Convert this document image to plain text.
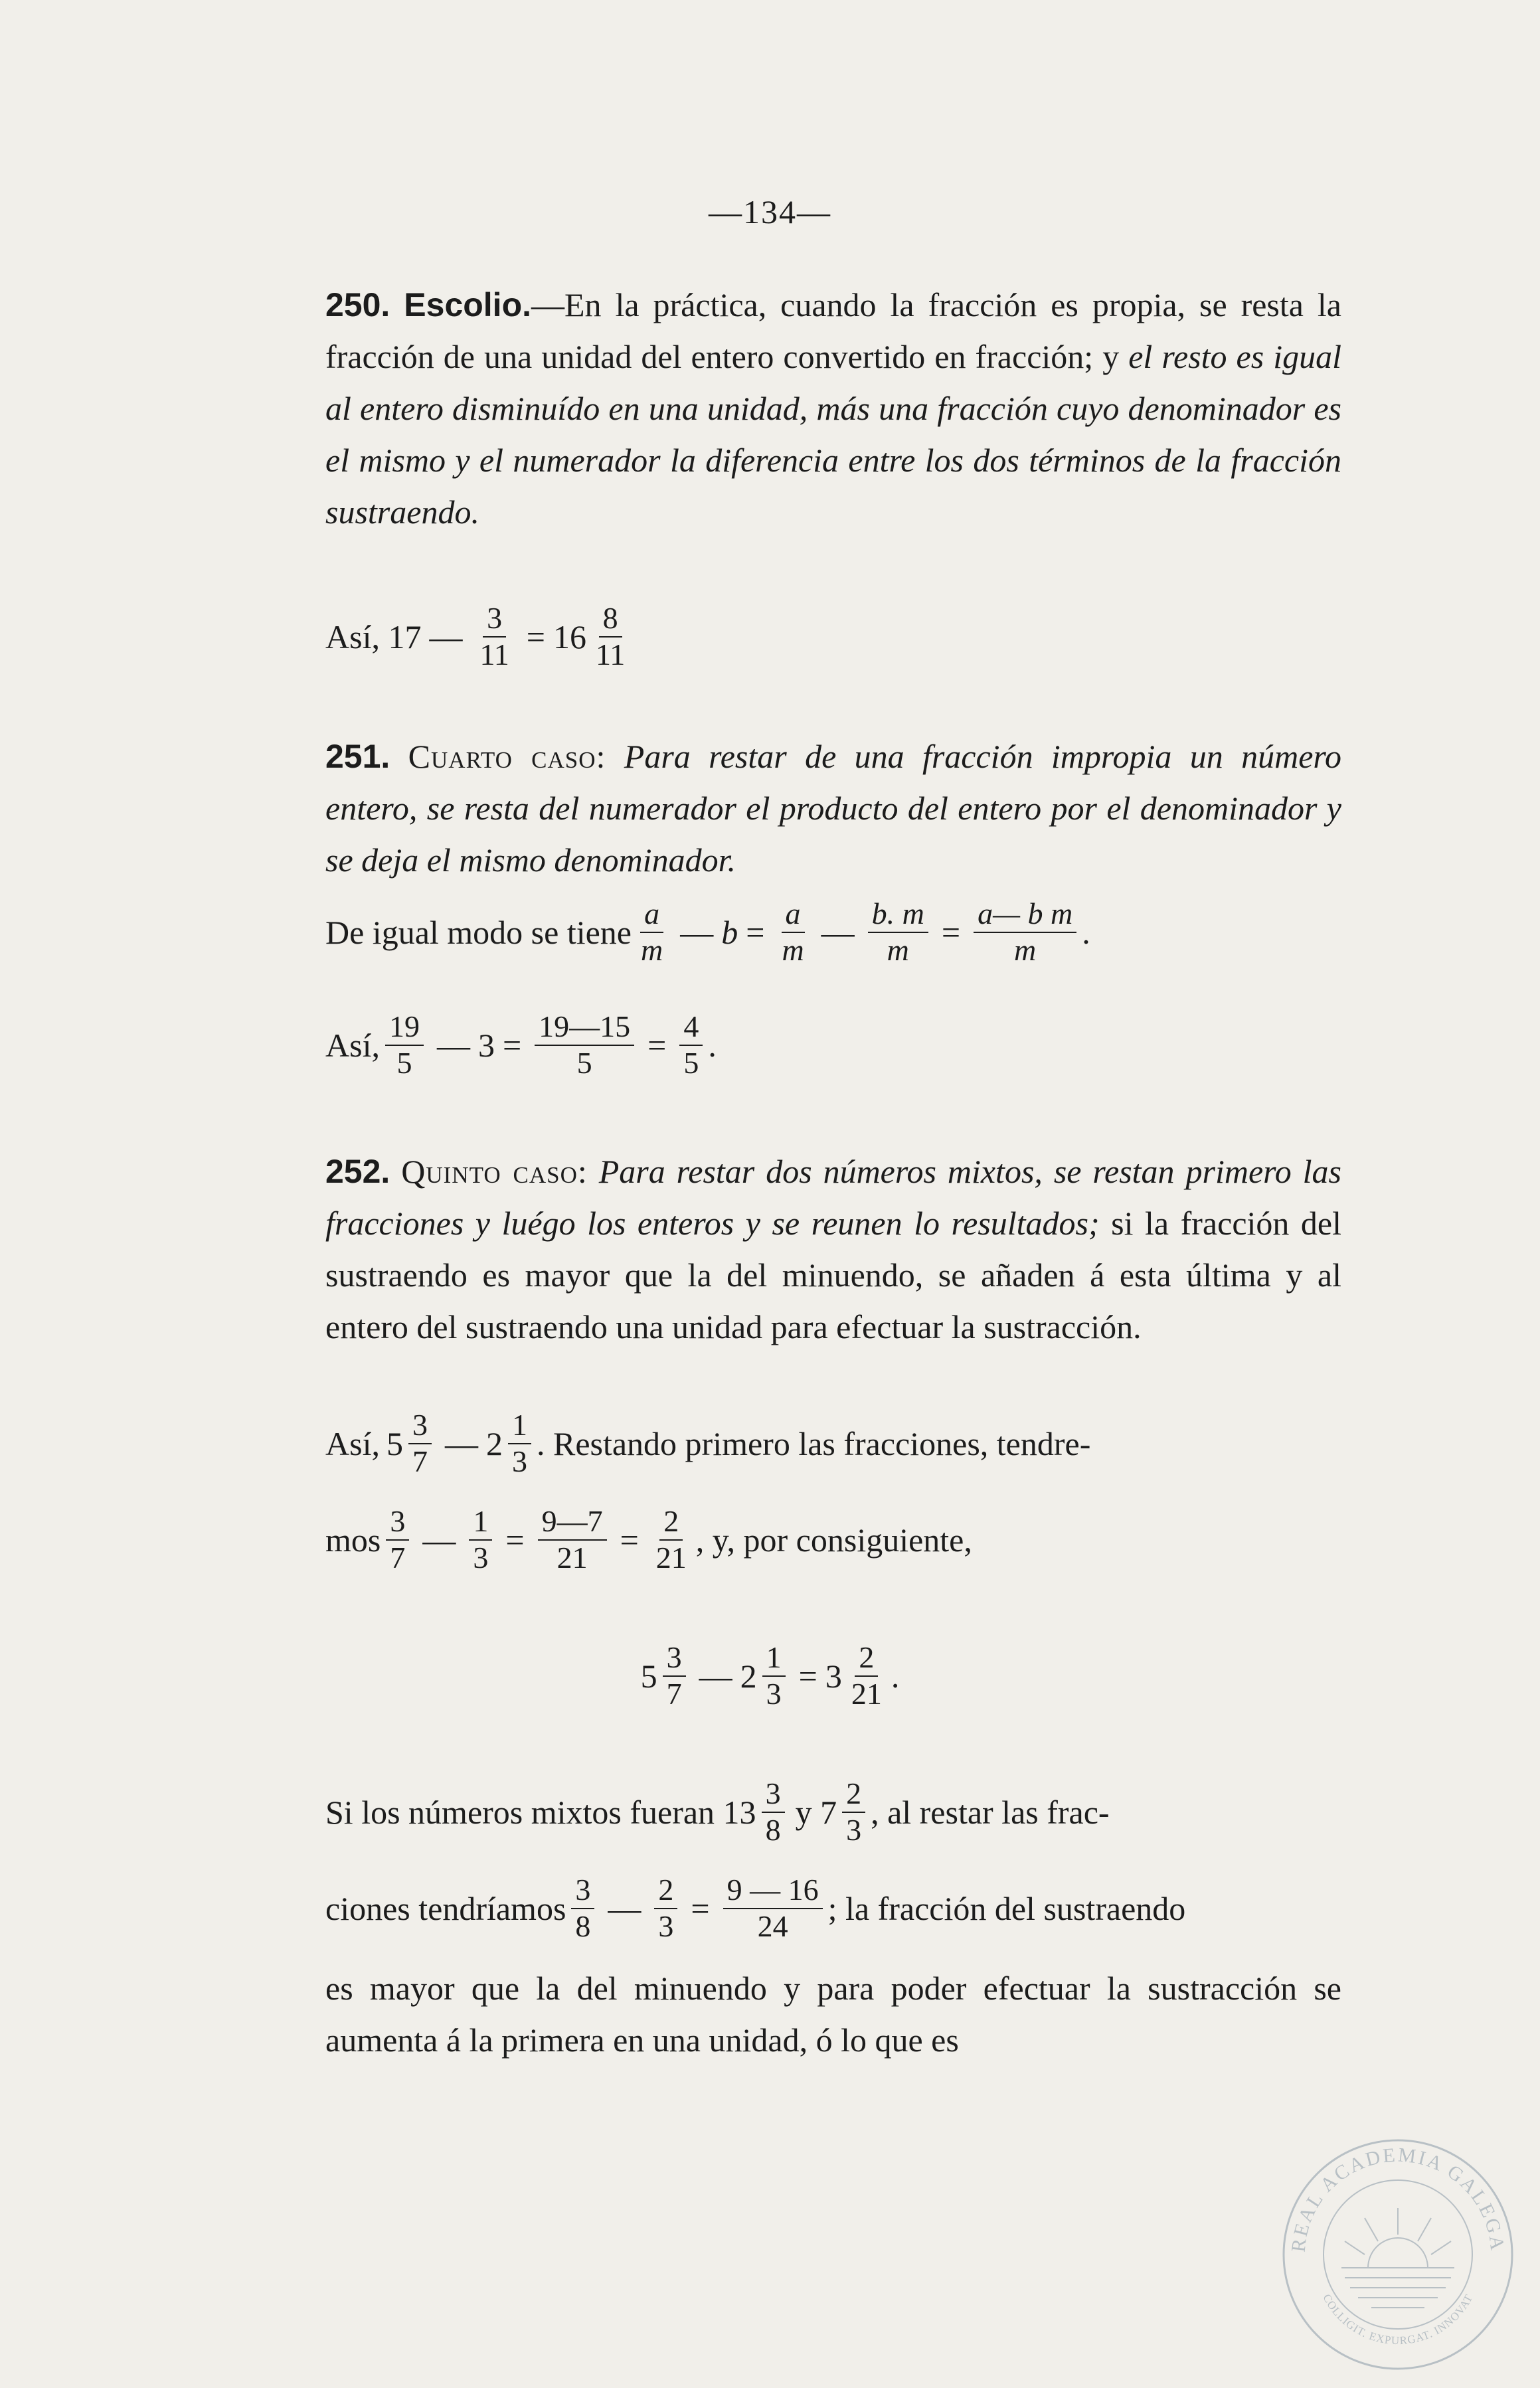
—134—
250. Escolio.—En la práctica, cuando la fracción es propia, se resta la fracción de una unidad del entero convertido en fracción; y el resto es igual al entero disminuído en una unidad, más una fracción cuyo denominador es el mismo y el numerador la diferencia entre los dos términos de la fracción sustraendo.
Así, 17 — $\frac{3}{11} = 16 \frac{8}{11}$
251. Cuarto caso: Para restar de una fracción impropia un número entero, se resta del numerador el producto del entero por el denominador y se deja el mismo denominador.
De igual modo se tiene $\frac{a}{m}$ — $b = \frac{a}{m}$ — $\frac{b. m}{m} = \frac{\text{a— b m}}{m}$ .
Así, $\frac{19}{5}$ — $3 = \frac{19—15}{5} = \frac{4}{5}$ .
252. Quinto caso: Para restar dos números mixtos, se restan primero las fracciones y luégo los enteros y se reunen lo resultados; si la fracción del sustraendo es mayor que la del minuendo, se añaden á esta última y al entero del sustraendo una unidad para efectuar la sustracción.
Así, $5 \frac{3}{7}$ — $2 \frac{1}{3}$ . Restando primero las fracciones, tendre-
mos $\frac{3}{7}$ — $\frac{1}{3} = \frac{9—7}{21} = \frac{2}{21}$ , y, por consiguiente,
$5 \frac{3}{7}$ — $2 \frac{1}{3} = 3 \frac{2}{21}$ .
Si los números mixtos fueran $13 \frac{3}{8}$ y $7 \frac{2}{3}$ , al restar las frac-
ciones tendríamos $\frac{3}{8}$ — $\frac{2}{3} = \frac{9 — 16}{24}$ ; la fracción del sustraendo
es mayor que la del minuendo y para poder efectuar la sustracción se aumenta á la primera en una unidad, ó lo que es
REAL ACADEMIA GALEGA
COLLIGIT. EXPURGAT. INNOVAT
